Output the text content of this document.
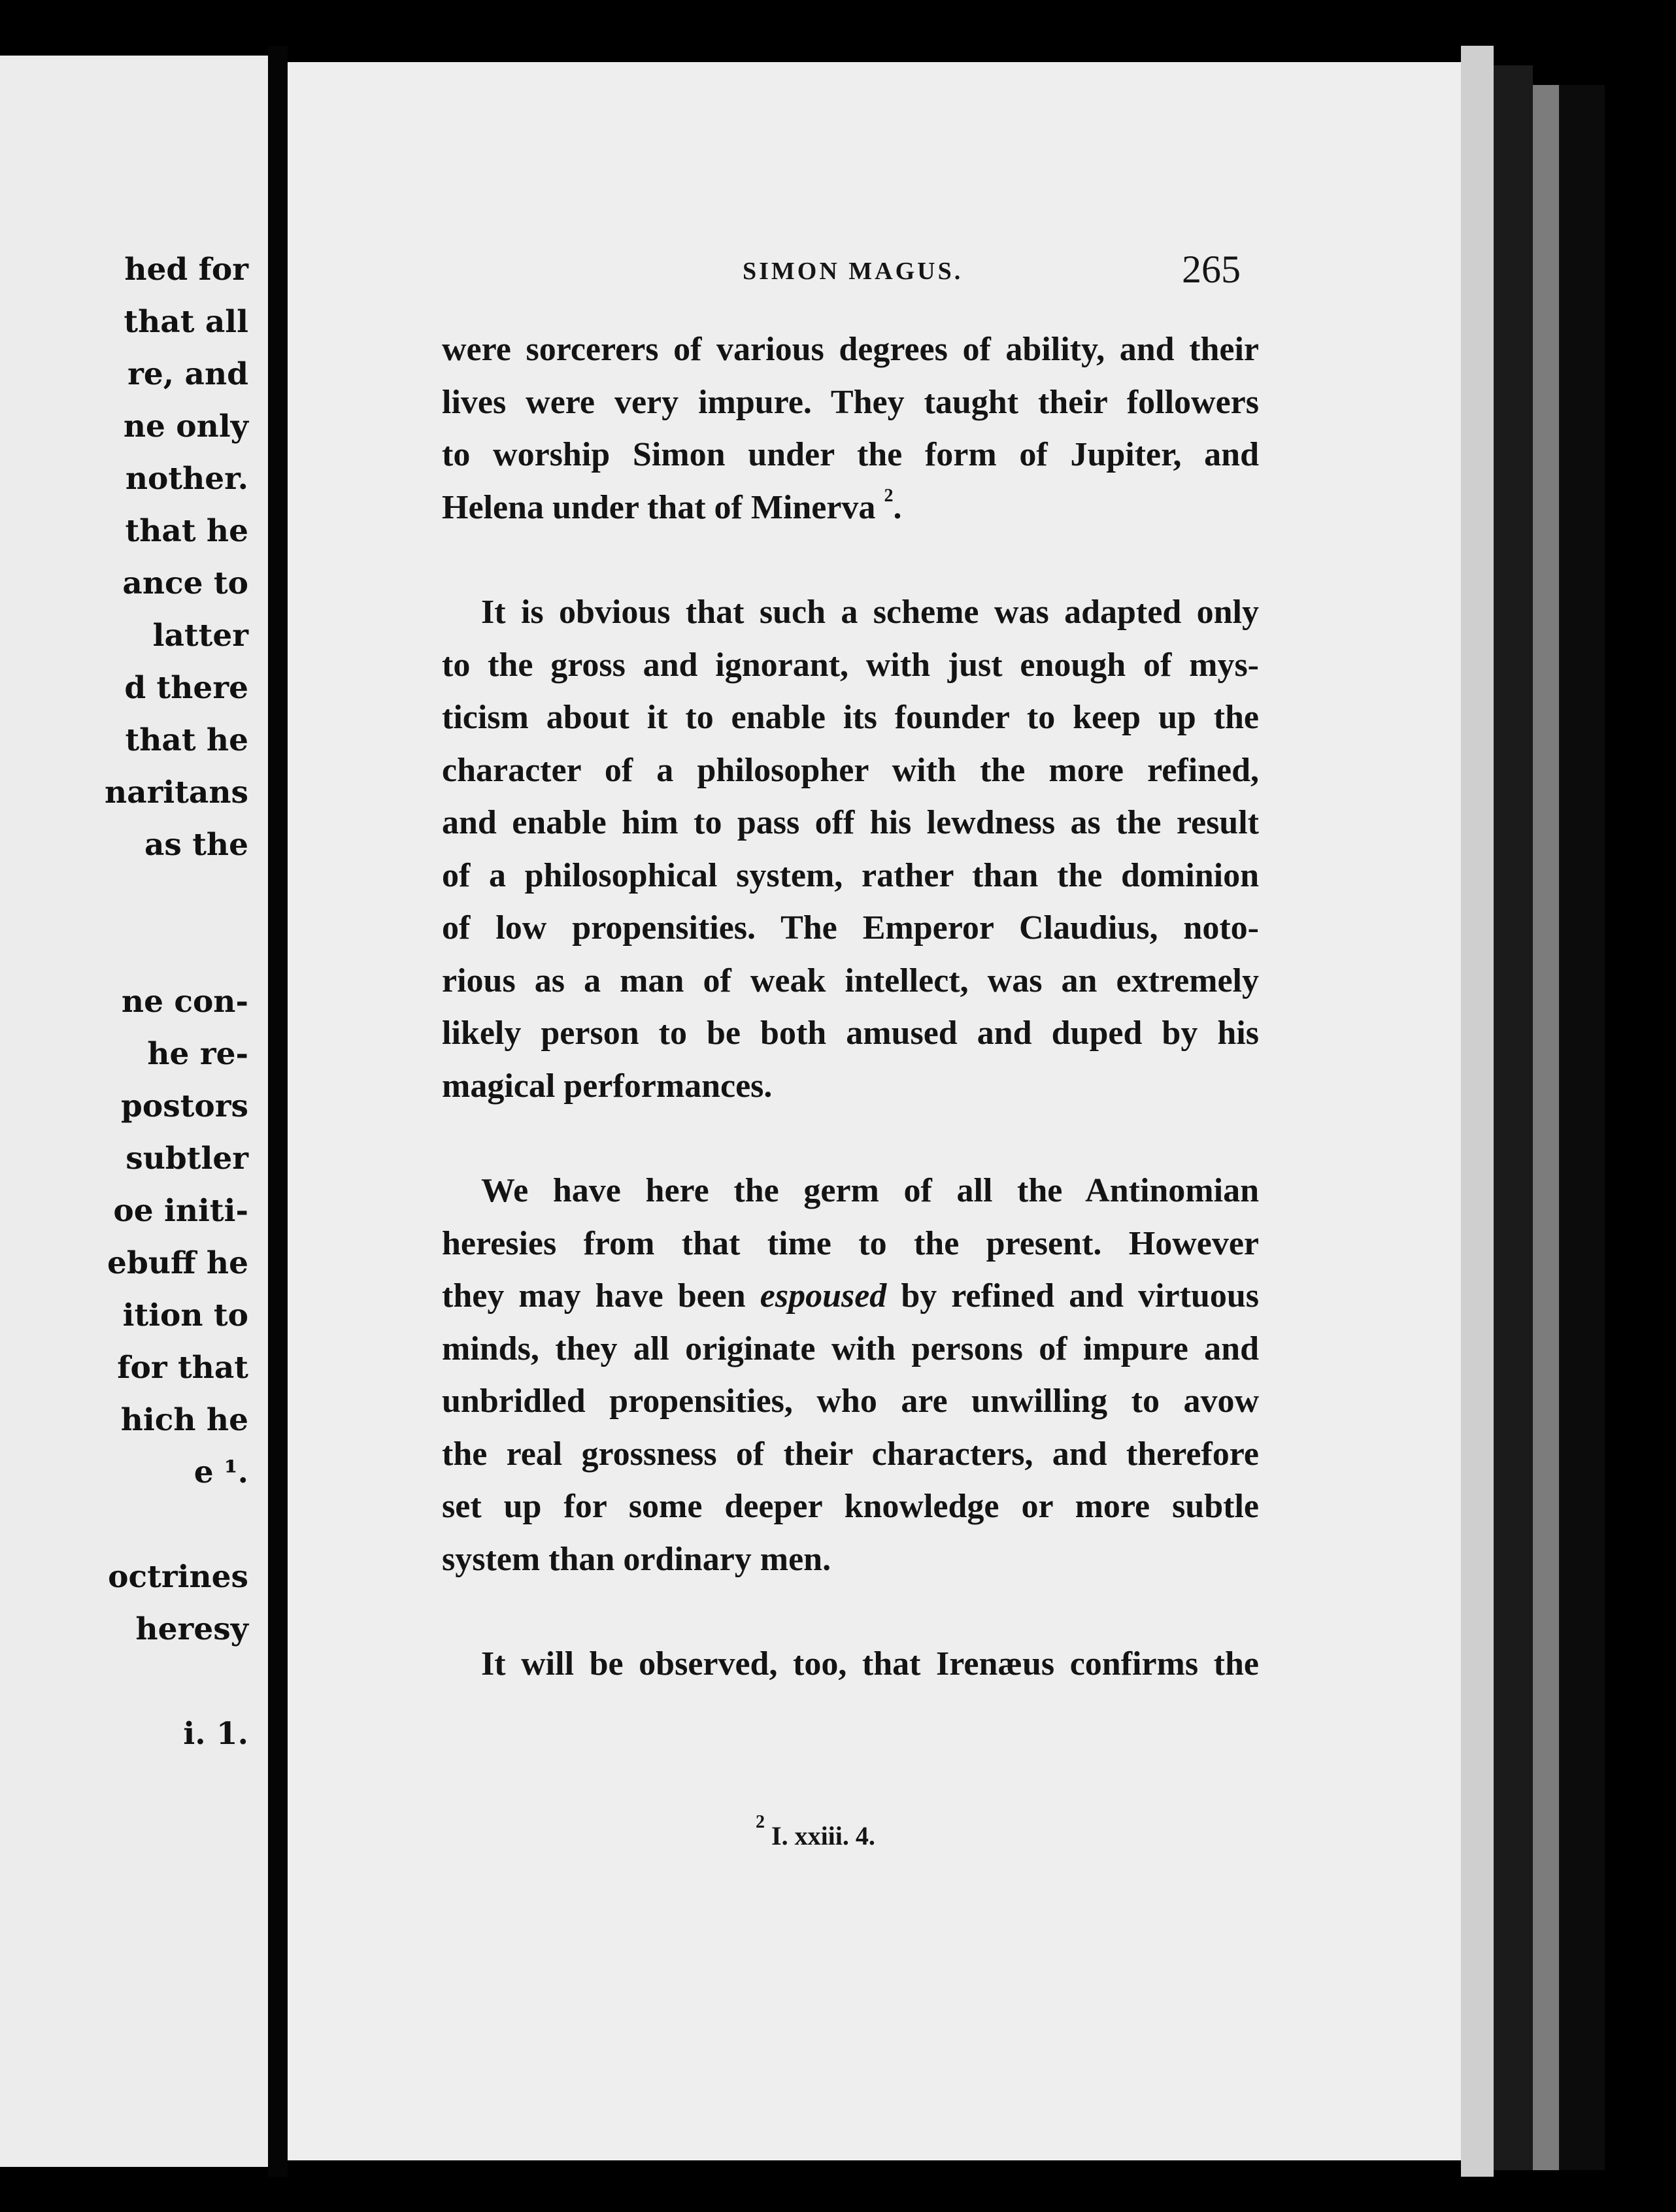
hed for
that all
re, and
ne only
nother.
that he
ance to
latter
d there
that he
naritans
as the
ne con-
he re-
postors
subtler
oe initi-
ebuff he
ition to
for that
hich he
e ¹.
octrines
heresy
i. 1.
SIMON MAGUS.	265

were sorcerers of various degrees of ability, and their
lives were very impure. They taught their followers
to worship Simon under the form of Jupiter, and
Helena under that of Minerva $^2$.

It is obvious that such a scheme was adapted only
to the gross and ignorant, with just enough of mys-
ticism about it to enable its founder to keep up the
character of a philosopher with the more refined,
and enable him to pass off his lewdness as the result
of a philosophical system, rather than the dominion
of low propensities. The Emperor Claudius, noto-
rious as a man of weak intellect, was an extremely
likely person to be both amused and duped by his
magical performances.

We have here the germ of all the Antinomian
heresies from that time to the present. However
they may have been espoused by refined and virtuous
minds, they all originate with persons of impure and
unbridled propensities, who are unwilling to avow
the real grossness of their characters, and therefore
set up for some deeper knowledge or more subtle
system than ordinary men.

It will be observed, too, that Irenæus confirms the

$^2$ I. xxiii. 4.
